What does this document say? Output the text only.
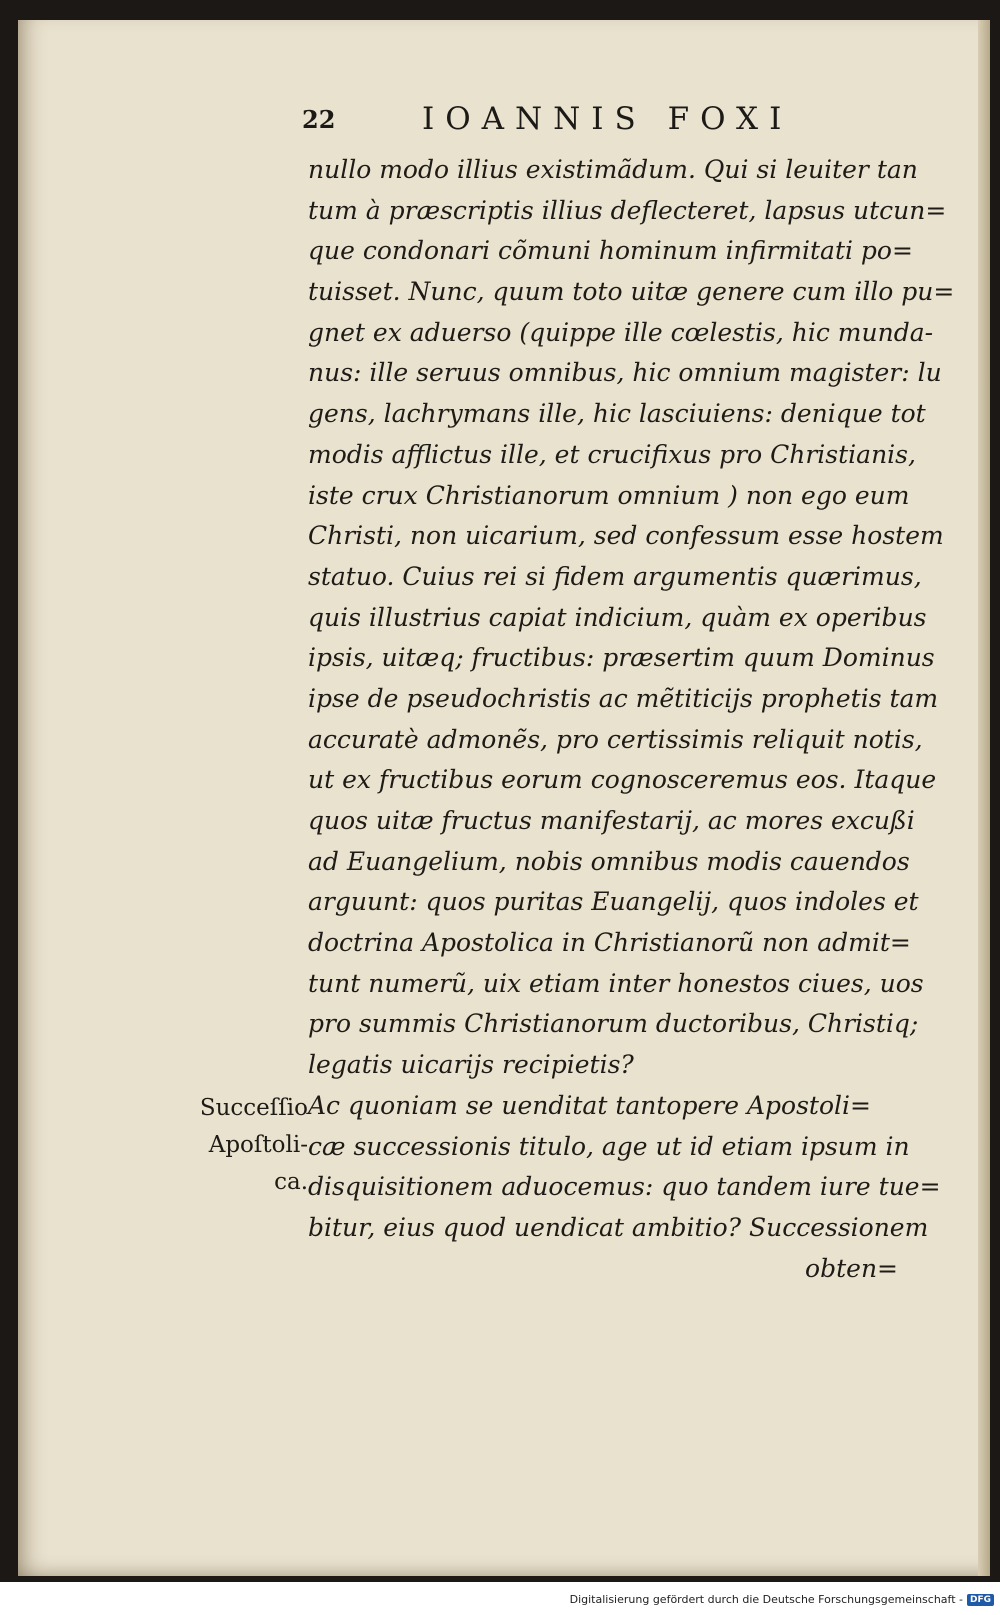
22	IOANNIS FOXI
nullo modo illius existimãdum. Qui si leuiter tan
tum à præscriptis illius deflecteret, lapsus utcun=
que condonari cõmuni hominum infirmitati po=
tuisset. Nunc, quum toto uitæ genere cum illo pu=
gnet ex aduerso (quippe ille cœlestis, hic munda-
nus: ille seruus omnibus, hic omnium magister: lu
gens, lachrymans ille, hic lasciuiens: denique tot
modis afflictus ille, et crucifixus pro Christianis,
iste crux Christianorum omnium ) non ego eum
Christi, non uicarium, sed confessum esse hostem
statuo. Cuius rei si fidem argumentis quærimus,
quis illustrius capiat indicium, quàm ex operibus
ipsis, uitæq; fructibus: præsertim quum Dominus
ipse de pseudochristis ac mẽtiticijs prophetis tam
accuratè admonẽs, pro certissimis reliquit notis,
ut ex fructibus eorum cognosceremus eos. Itaque
quos uitæ fructus manifestarij, ac mores excußi
ad Euangelium, nobis omnibus modis cauendos
arguunt: quos puritas Euangelij, quos indoles et
doctrina Apostolica in Christianorũ non admit=
tunt numerũ, uix etiam inter honestos ciues, uos
pro summis Christianorum ductoribus, Christiq;
legatis uicarijs recipietis?
Ac quoniam se uenditat tantopere Apostoli=
cæ successionis titulo, age ut id etiam ipsum in
disquisitionem aduocemus: quo tandem iure tue=
bitur, eius quod uendicat ambitio? Successionem
obten=
Succeſſio
Apoſtoli-
ca.
Digitalisierung gefördert durch die Deutsche Forschungsgemeinschaft - DFG
